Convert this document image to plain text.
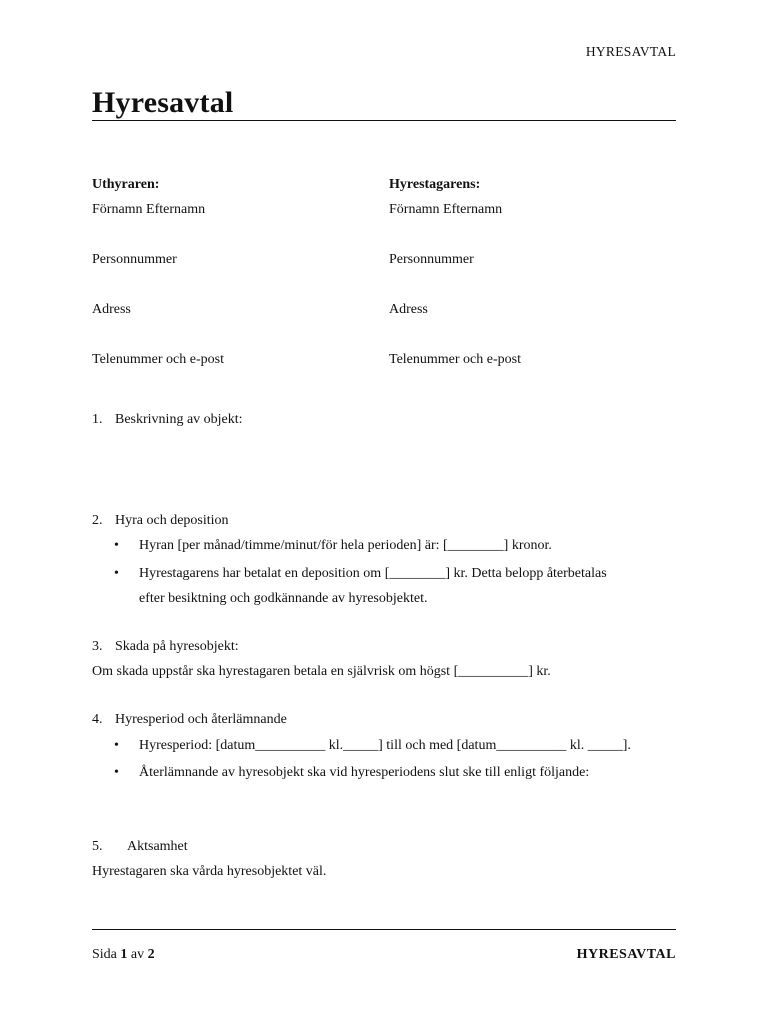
HYRESAVTAL
Hyresavtal
Uthyraren:
Förnamn Efternamn
Personnummer
Adress
Telenummer och e-post
Hyrestagarens:
Förnamn Efternamn
Personnummer
Adress
Telenummer och e-post
1. Beskrivning av objekt:
2. Hyra och deposition
• Hyran [per månad/timme/minut/för hela perioden] är: [________] kronor.
• Hyrestagarens har betalat en deposition om [________] kr. Detta belopp återbetalas
efter besiktning och godkännande av hyresobjektet.
3. Skada på hyresobjekt:
Om skada uppstår ska hyrestagaren betala en självrisk om högst [__________] kr.
4. Hyresperiod och återlämnande
• Hyresperiod: [datum__________ kl._____] till och med [datum__________ kl. _____].
• Återlämnande av hyresobjekt ska vid hyresperiodens slut ske till enligt följande:
5. Aktsamhet
Hyrestagaren ska vårda hyresobjektet väl.
Sida 1 av 2	HYRESAVTAL
